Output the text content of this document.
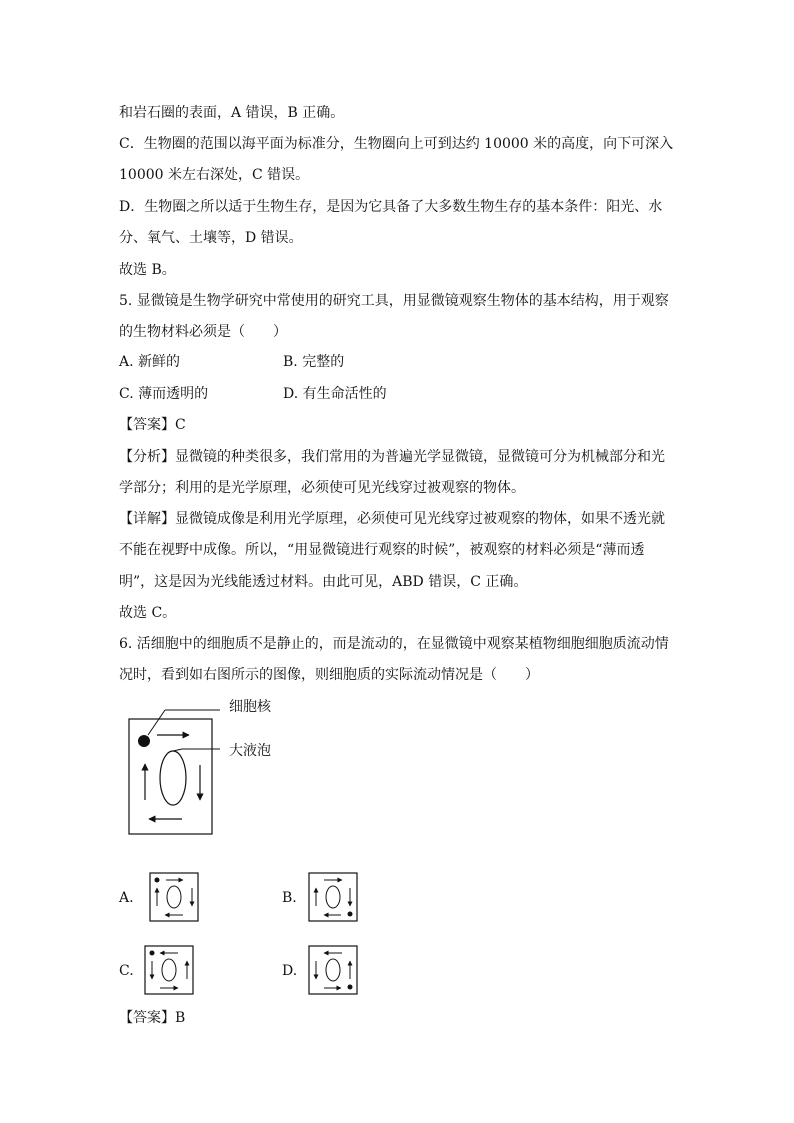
和岩石圈的表面，A 错误，B 正确。
C．生物圈的范围以海平面为标准分，生物圈向上可到达约 10000 米的高度，向下可深入
10000 米左右深处，C 错误。
D．生物圈之所以适于生物生存，是因为它具备了大多数生物生存的基本条件：阳光、水
分、氧气、土壤等，D 错误。
故选 B。
5. 显微镜是生物学研究中常使用的研究工具，用显微镜观察生物体的基本结构，用于观察
的生物材料必须是（　　）
A. 新鲜的	B. 完整的
C. 薄而透明的	D. 有生命活性的
【答案】C
【分析】显微镜的种类很多，我们常用的为普遍光学显微镜，显微镜可分为机械部分和光
学部分；利用的是光学原理，必须使可见光线穿过被观察的物体。
【详解】显微镜成像是利用光学原理，必须使可见光线穿过被观察的物体，如果不透光就
不能在视野中成像。所以，“用显微镜进行观察的时候”，被观察的材料必须是“薄而透
明”，这是因为光线能透过材料。由此可见，ABD 错误，C 正确。
故选 C。
6. 活细胞中的细胞质不是静止的，而是流动的，在显微镜中观察某植物细胞细胞质流动情
况时，看到如右图所示的图像，则细胞质的实际流动情况是（　　）
细胞核
大液泡
A.	B.
C.	D.
【答案】B
